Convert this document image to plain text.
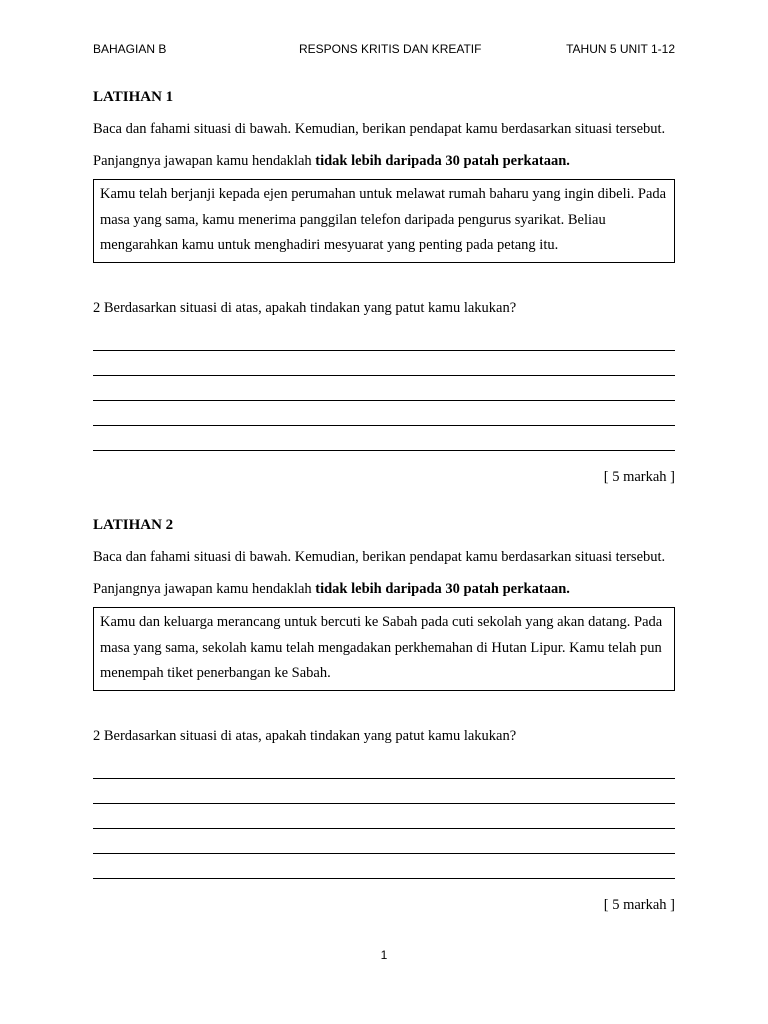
BAHAGIAN B	RESPONS KRITIS DAN KREATIF	TAHUN 5 UNIT 1-12

LATIHAN 1

Baca dan fahami situasi di bawah. Kemudian, berikan pendapat kamu berdasarkan situasi tersebut.

Panjangnya jawapan kamu hendaklah tidak lebih daripada 30 patah perkataan.

Kamu telah berjanji kepada ejen perumahan untuk melawat rumah baharu yang ingin dibeli. Pada masa yang sama, kamu menerima panggilan telefon daripada pengurus syarikat. Beliau mengarahkan kamu untuk menghadiri mesyuarat yang penting pada petang itu.

2 Berdasarkan situasi di atas, apakah tindakan yang patut kamu lakukan?

[ 5 markah ]

LATIHAN 2

Baca dan fahami situasi di bawah. Kemudian, berikan pendapat kamu berdasarkan situasi tersebut.

Panjangnya jawapan kamu hendaklah tidak lebih daripada 30 patah perkataan.

Kamu dan keluarga merancang untuk bercuti ke Sabah pada cuti sekolah yang akan datang. Pada masa yang sama, sekolah kamu telah mengadakan perkhemahan di Hutan Lipur. Kamu telah pun menempah tiket penerbangan ke Sabah.

2 Berdasarkan situasi di atas, apakah tindakan yang patut kamu lakukan?

[ 5 markah ]

1
